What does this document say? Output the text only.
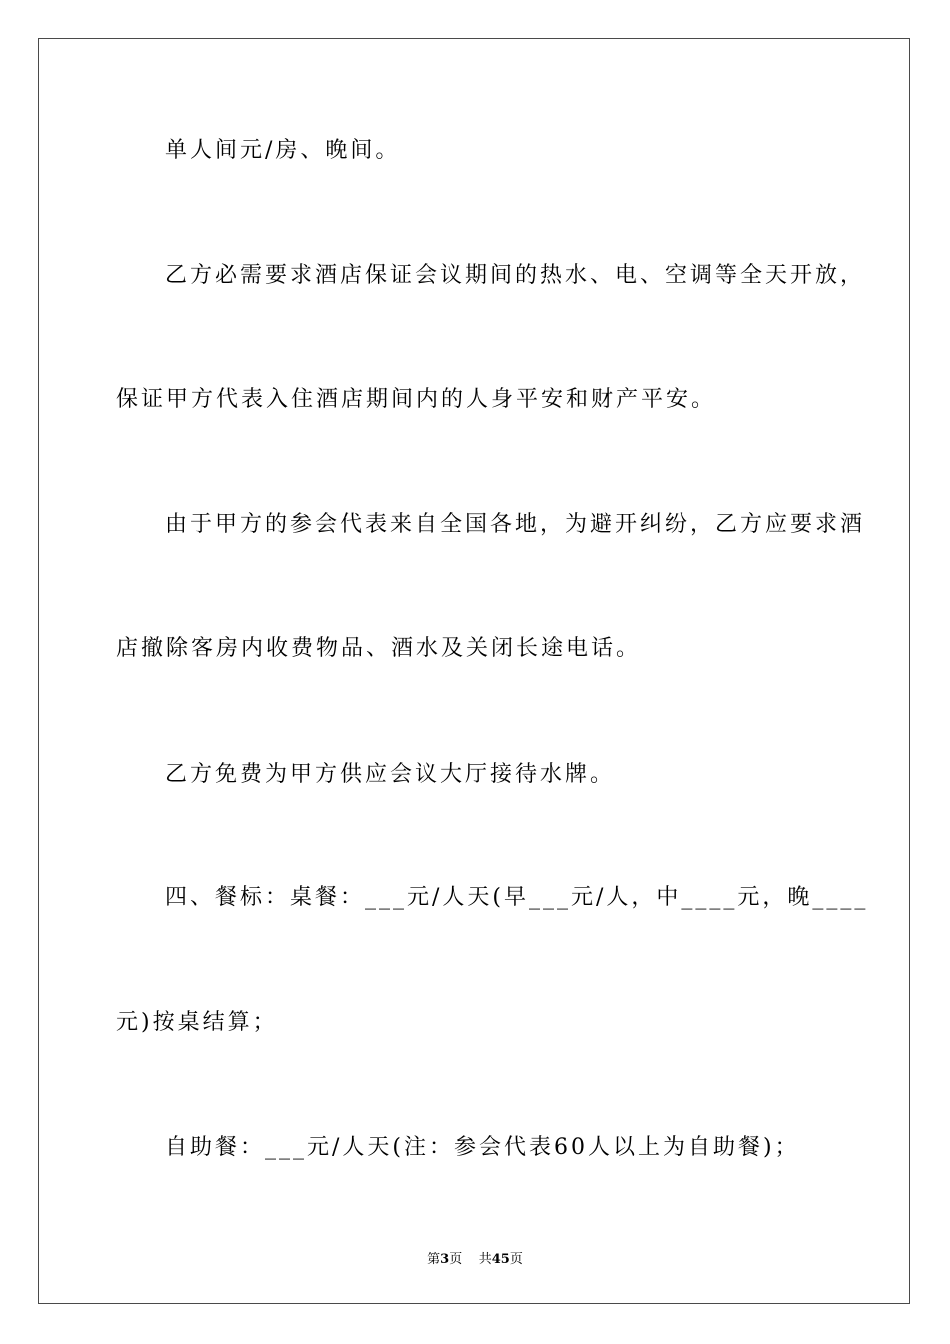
单人间元/房、晚间。
乙方必需要求酒店保证会议期间的热水、电、空调等全天开放，
保证甲方代表入住酒店期间内的人身平安和财产平安。
由于甲方的参会代表来自全国各地，为避开纠纷，乙方应要求酒
店撤除客房内收费物品、酒水及关闭长途电话。
乙方免费为甲方供应会议大厅接待水牌。
四、餐标：桌餐：___元/人天(早___元/人，中____元，晚____
元)按桌结算；
自助餐：___元/人天(注：参会代表60人以上为自助餐)；
第3页 共45页
